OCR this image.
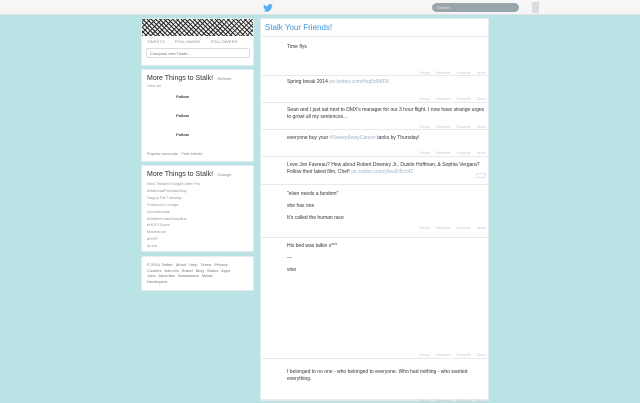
Search
TWEETS	FOLLOWING	FOLLOWERS
Compose new Tweet...
More Things to Stalk! · Refresh ·
View all
Follow
Follow
Follow
Popular accounts · Find friends
More Things to Stalk! · Change
New Twisted Tonight After Pro
#NationalPancakeDay
Happy Fat Tuesday
Pokemon Lounge
#Acotlenadis
#WhiteHouseDeadline
#HDF12core
Marlebrom
#HOP
#Lent

© 2014 Twitter About Help Terms Privacy

Cookies Ads info Brand Blog Status Apps

Jobs Advertise Businesses Media

Developers

Stalk Your Friends!
Time flys
Reply Retweet Favorite More
Spring break 2014 pic.twitter.com/Hzg5d9KF8
Reply Retweet Favorite More
Sean and I just sat next to DMX's manager for our 3 hour flight. I now have strange urges to growl all my sentences...
Reply Retweet Favorite More
everyone buy your #SweepAwayCancer tanks by Thursday!
Reply Retweet Favorite More
Love Jon Favreau? How about Robert Downey Jr., Dustin Hoffman, & Sophia Vergara? Follow their latest film, Chef! pic.twitter.com/y9suiD8ch42

"elien needs a fandom"

she has one

It's called the human race

Reply Retweet Favorite More

His bed was talkin s***

—

vine

Reply Retweet Favorite More
I belonged to no one - who belonged to everyone. Who had nothing - who wanted everything.
Reply Retweet Favorite More
